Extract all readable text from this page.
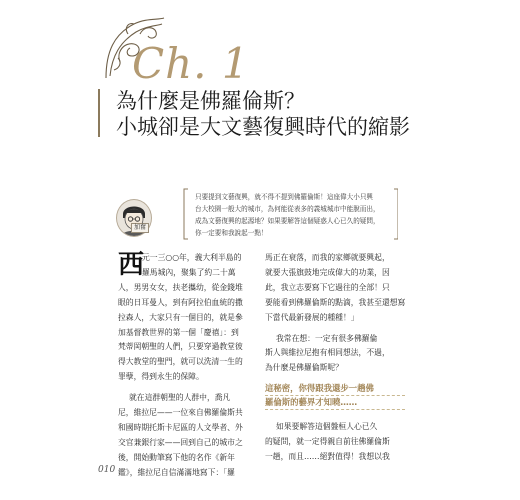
Ch. 1
為什麼是佛羅倫斯？
小城卻是大文藝復興時代的縮影
加奮
只要提到文藝復興，就不得不提到佛羅倫斯！這座偉大小只興
台大校園一般大的城市，為何能從表多的義城城市中能脫而出，
成為文藝復興的起源地？如果要解答這個疑惑人心已久的疑問，
你一定要和我說起一點！
西
元一三○○年，義大利半島的
羅馬城內，聚集了約二十萬
人，男男女女，扶老攜幼，從金錢堆
眼的日耳曼人，到有阿拉伯血統的撒
拉森人，大家只有一個目的，就是參
加基督教世界的第一個「慶禧」：到
梵蒂岡朝聖的人們，只要穿過教堂彼
得大教堂的聖門，就可以洗清一生的
罪孽，得到永生的保障。
就在這群朝聖的人群中，喬凡
尼，維拉尼——一位來自佛羅倫斯共
和國時期托斯卡尼區的人文學者、外
交官兼銀行家——回到自己的城市之
後，開始動筆寫下他的名作《新年
鑑》，維拉尼自信滿滿地寫下：「羅
馬正在衰落，而我的家鄉就要興起，
就要大張旗鼓地完成偉大的功業，因
此，我立志要寫下它過往的全部！只
要能看到佛羅倫斯的點滴，我甚至還想寫
下當代最新發展的種種！」
我常在想：一定有很多佛羅倫
斯人與維拉尼抱有相同想法，不過，
為什麼是佛羅倫斯呢？
這秘密，你得跟我還步一趟佛
羅倫斯的藝界才知曉……
如果要解答這個盤桓人心已久
的疑問，就一定得親自前往佛羅倫斯
一趟，而且……絕對值得！我想以我
010
